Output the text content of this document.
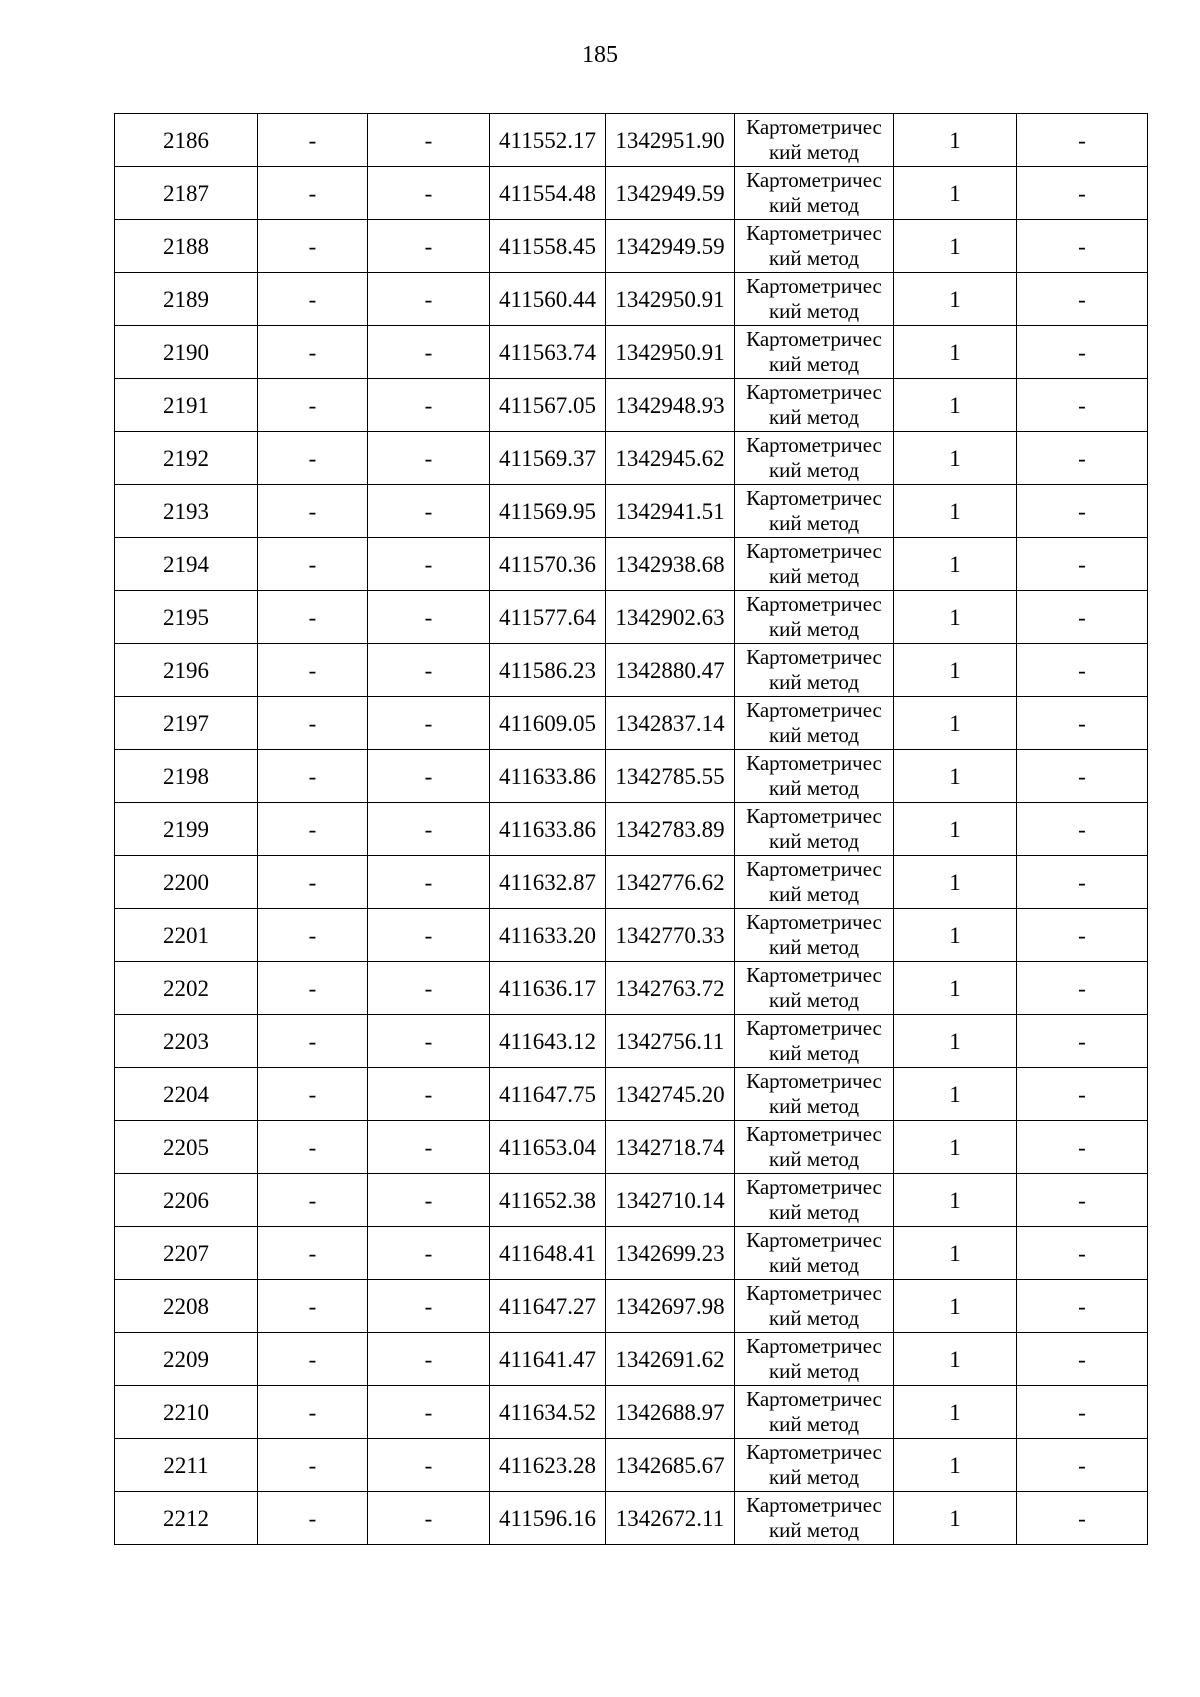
185
2186	-	-	411552.17	1342951.90	Картометричес
кий метод	1	-
2187	-	-	411554.48	1342949.59	Картометричес
кий метод	1	-
2188	-	-	411558.45	1342949.59	Картометричес
кий метод	1	-
2189	-	-	411560.44	1342950.91	Картометричес
кий метод	1	-
2190	-	-	411563.74	1342950.91	Картометричес
кий метод	1	-
2191	-	-	411567.05	1342948.93	Картометричес
кий метод	1	-
2192	-	-	411569.37	1342945.62	Картометричес
кий метод	1	-
2193	-	-	411569.95	1342941.51	Картометричес
кий метод	1	-
2194	-	-	411570.36	1342938.68	Картометричес
кий метод	1	-
2195	-	-	411577.64	1342902.63	Картометричес
кий метод	1	-
2196	-	-	411586.23	1342880.47	Картометричес
кий метод	1	-
2197	-	-	411609.05	1342837.14	Картометричес
кий метод	1	-
2198	-	-	411633.86	1342785.55	Картометричес
кий метод	1	-
2199	-	-	411633.86	1342783.89	Картометричес
кий метод	1	-
2200	-	-	411632.87	1342776.62	Картометричес
кий метод	1	-
2201	-	-	411633.20	1342770.33	Картометричес
кий метод	1	-
2202	-	-	411636.17	1342763.72	Картометричес
кий метод	1	-
2203	-	-	411643.12	1342756.11	Картометричес
кий метод	1	-
2204	-	-	411647.75	1342745.20	Картометричес
кий метод	1	-
2205	-	-	411653.04	1342718.74	Картометричес
кий метод	1	-
2206	-	-	411652.38	1342710.14	Картометричес
кий метод	1	-
2207	-	-	411648.41	1342699.23	Картометричес
кий метод	1	-
2208	-	-	411647.27	1342697.98	Картометричес
кий метод	1	-
2209	-	-	411641.47	1342691.62	Картометричес
кий метод	1	-
2210	-	-	411634.52	1342688.97	Картометричес
кий метод	1	-
2211	-	-	411623.28	1342685.67	Картометричес
кий метод	1	-
2212	-	-	411596.16	1342672.11	Картометричес
кий метод	1	-
